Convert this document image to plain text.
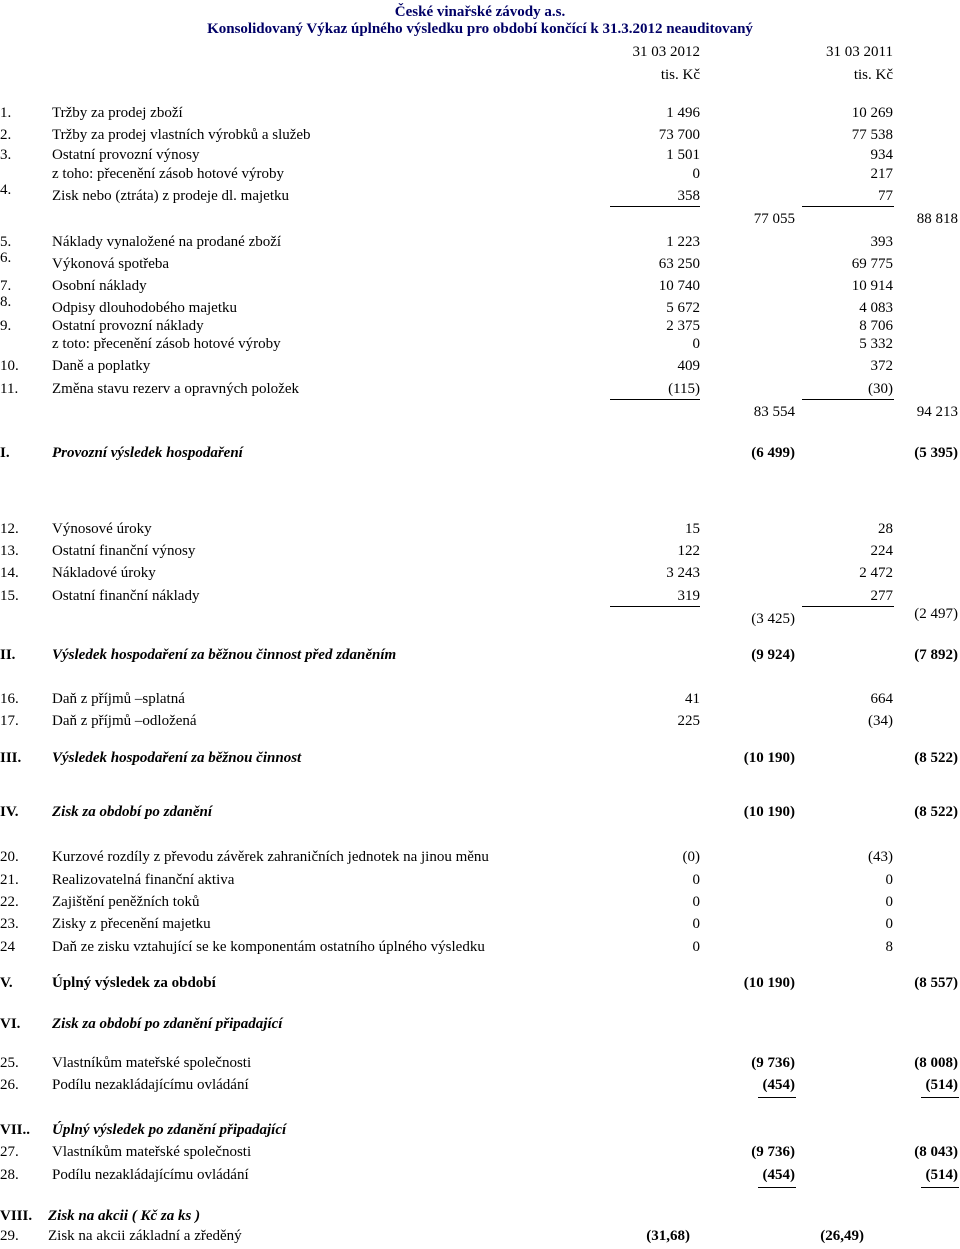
České vinařské závody a.s.
Konsolidovaný Výkaz úplného výsledku pro období končící k 31.3.2012 neauditovaný
31 03 2012	31 03 2011
tis. Kč	tis. Kč
1.	Tržby za prodej zboží	1 496	10 269
2.	Tržby za prodej vlastních výrobků a služeb	73 700	77 538
3.	Ostatní provozní výnosy	1 501	934
z toho: přecenění zásob hotové výroby	0	217
4.	Zisk nebo (ztráta) z prodeje dl. majetku	358	77
77 055	88 818
5.	Náklady vynaložené na prodané zboží	1 223	393
6.	Výkonová spotřeba	63 250	69 775
7.	Osobní náklady	10 740	10 914
8.	Odpisy dlouhodobého majetku	5 672	4 083
9.	Ostatní provozní náklady	2 375	8 706
z toto: přecenění zásob hotové výroby	0	5 332
10. Daně a poplatky	409	372
11. Změna stavu rezerv a opravných položek	(115)	(30)
83 554	94 213
I.	Provozní výsledek hospodaření	(6 499)	(5 395)
12. Výnosové úroky	15	28
13. Ostatní finanční výnosy	122	224
14. Nákladové úroky	3 243	2 472
15. Ostatní finanční náklady	319	277
(3 425)	(2 497)
II. Výsledek hospodaření za běžnou činnost před zdaněním	(9 924)	(7 892)
16. Daň z příjmů –splatná	41	664
17. Daň z příjmů –odložená	225	(34)
III. Výsledek hospodaření za běžnou činnost	(10 190)	(8 522)
IV. Zisk za období po zdanění	(10 190)	(8 522)
20. Kurzové rozdíly z převodu závěrek zahraničních jednotek na jinou měnu	(0)	(43)
21. Realizovatelná finanční aktiva	0	0
22. Zajištění peněžních toků	0	0
23. Zisky z přecenění majetku	0	0
24 Daň ze zisku vztahující se ke komponentám ostatního úplného výsledku	0	8
V.	Úplný výsledek za období	(10 190)	(8 557)
VI. Zisk za období po zdanění připadající
25. Vlastníkům mateřské společnosti	(9 736)	(8 008)
26. Podílu nezakládajícímu ovládání	(454)	(514)
VII.. Úplný výsledek po zdanění připadající
27. Vlastníkům mateřské společnosti	(9 736)	(8 043)
28. Podílu nezakládajícímu ovládání	(454)	(514)
VIII. Zisk na akcii ( Kč za ks )
29. Zisk na akcii základní a zředěný	(31,68)	(26,49)
